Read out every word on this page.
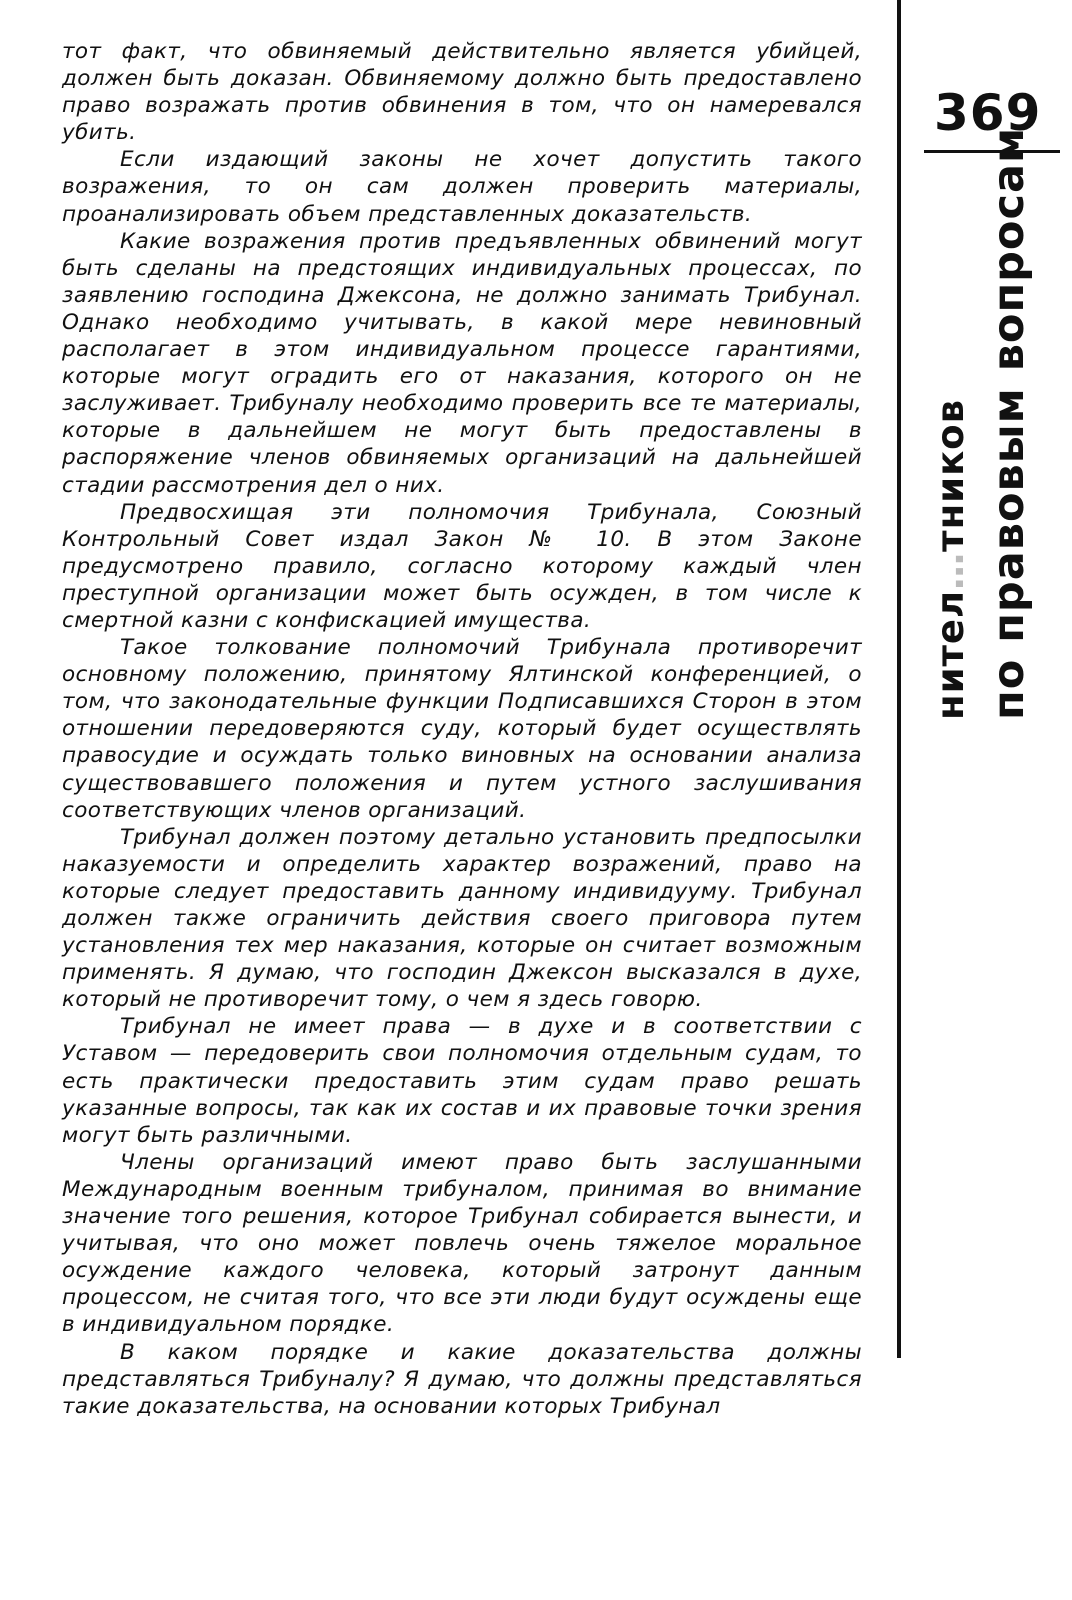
тот факт, что обвиняемый действительно является убийцей, должен быть доказан. Обвиняемому должно быть предоставлено право возражать против обвинения в том, что он намеревался убить.

Если издающий законы не хочет допустить такого возражения, то он сам должен проверить материалы, проанализировать объем представленных доказательств.

Какие возражения против предъявленных обвинений могут быть сделаны на предстоящих индивидуальных процессах, по заявлению господина Джексона, не должно занимать Трибунал. Однако необходимо учитывать, в какой мере невиновный располагает в этом индивидуальном процессе гарантиями, которые могут оградить его от наказания, которого он не заслуживает. Трибуналу необходимо проверить все те материалы, которые в дальнейшем не могут быть предоставлены в распоряжение членов обвиняемых организаций на дальнейшей стадии рассмотрения дел о них.

Предвосхищая эти полномочия Трибунала, Союзный Контрольный Совет издал Закон № 10. В этом Законе предусмотрено правило, согласно которому каждый член преступной организации может быть осужден, в том числе к смертной казни с конфискацией имущества.

Такое толкование полномочий Трибунала противоречит основному положению, принятому Ялтинской конференцией, о том, что законодательные функции Подписавшихся Сторон в этом отношении передоверяются суду, который будет осуществлять правосудие и осуждать только виновных на основании анализа существовавшего положения и путем устного заслушивания соответствующих членов организаций.

Трибунал должен поэтому детально установить предпосылки наказуемости и определить характер возражений, право на которые следует предоставить данному индивидууму. Трибунал должен также ограничить действия своего приговора путем установления тех мер наказания, которые он считает возможным применять. Я думаю, что господин Джексон высказался в духе, который не противоречит тому, о чем я здесь говорю.

Трибунал не имеет права — в духе и в соответствии с Уставом — передоверить свои полномочия отдельным судам, то есть практически предоставить этим судам право решать указанные вопросы, так как их состав и их правовые точки зрения могут быть различными.

Члены организаций имеют право быть заслушанными Международным военным трибуналом, принимая во внимание значение того решения, которое Трибунал собирается вынести, и учитывая, что оно может повлечь очень тяжелое моральное осуждение каждого человека, который затронут данным процессом, не считая того, что все эти люди будут осуждены еще в индивидуальном порядке.

В каком порядке и какие доказательства должны представляться Трибуналу? Я думаю, что должны представляться такие доказательства, на основании которых Трибунал

369
нител…тников по правовым вопросам
